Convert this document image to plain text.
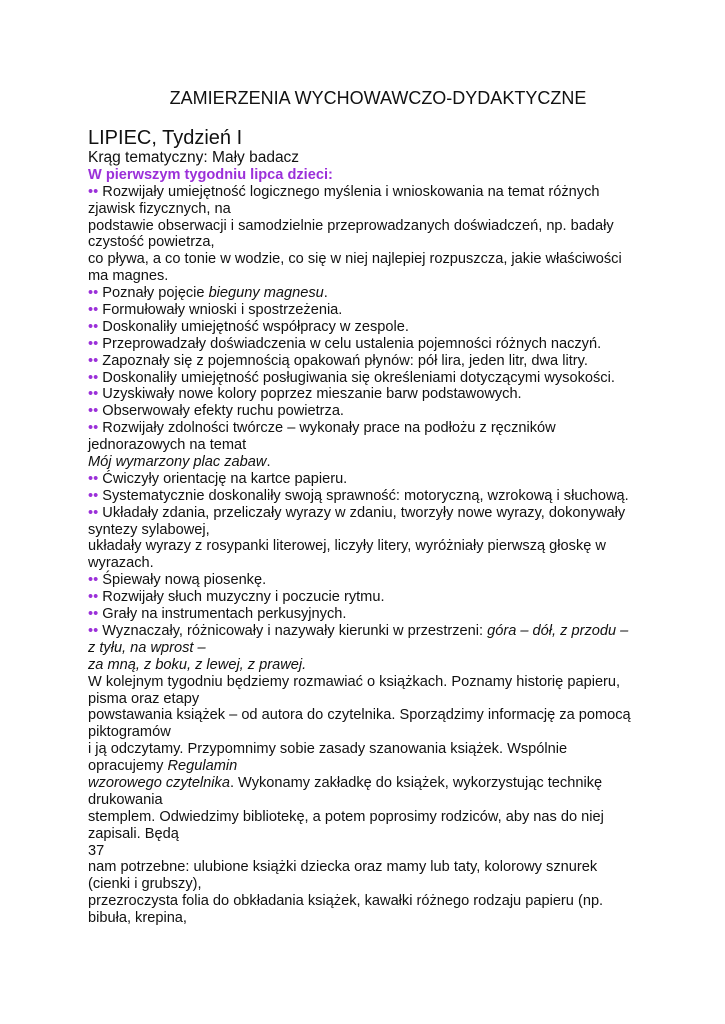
ZAMIERZENIA WYCHOWAWCZO-DYDAKTYCZNE
LIPIEC, Tydzień I
Krąg tematyczny: Mały badacz
W pierwszym tygodniu lipca dzieci:
•• Rozwijały umiejętność logicznego myślenia i wnioskowania na temat różnych
zjawisk fizycznych, na
podstawie obserwacji i samodzielnie przeprowadzanych doświadczeń, np. badały
czystość powietrza,
co pływa, a co tonie w wodzie, co się w niej najlepiej rozpuszcza, jakie właściwości
ma magnes.
•• Poznały pojęcie bieguny magnesu.
•• Formułowały wnioski i spostrzeżenia.
•• Doskonaliły umiejętność współpracy w zespole.
•• Przeprowadzały doświadczenia w celu ustalenia pojemności różnych naczyń.
•• Zapoznały się z pojemnością opakowań płynów: pół lira, jeden litr, dwa litry.
•• Doskonaliły umiejętność posługiwania się określeniami dotyczącymi wysokości.
•• Uzyskiwały nowe kolory poprzez mieszanie barw podstawowych.
•• Obserwowały efekty ruchu powietrza.
•• Rozwijały zdolności twórcze – wykonały prace na podłożu z ręczników
jednorazowych na temat
Mój wymarzony plac zabaw.
•• Ćwiczyły orientację na kartce papieru.
•• Systematycznie doskonaliły swoją sprawność: motoryczną, wzrokową i słuchową.
•• Układały zdania, przeliczały wyrazy w zdaniu, tworzyły nowe wyrazy, dokonywały
syntezy sylabowej,
układały wyrazy z rosypanki literowej, liczyły litery, wyróżniały pierwszą głoskę w
wyrazach.
•• Śpiewały nową piosenkę.
•• Rozwijały słuch muzyczny i poczucie rytmu.
•• Grały na instrumentach perkusyjnych.
•• Wyznaczały, różnicowały i nazywały kierunki w przestrzeni: góra – dół, z przodu –
z tyłu, na wprost –
za mną, z boku, z lewej, z prawej.
W kolejnym tygodniu będziemy rozmawiać o książkach. Poznamy historię papieru,
pisma oraz etapy
powstawania książek – od autora do czytelnika. Sporządzimy informację za pomocą
piktogramów
i ją odczytamy. Przypomnimy sobie zasady szanowania książek. Wspólnie
opracujemy Regulamin
wzorowego czytelnika. Wykonamy zakładkę do książek, wykorzystując technikę
drukowania
stemplem. Odwiedzimy bibliotekę, a potem poprosimy rodziców, aby nas do niej
zapisali. Będą
37
nam potrzebne: ulubione książki dziecka oraz mamy lub taty, kolorowy sznurek
(cienki i grubszy),
przezroczysta folia do obkładania książek, kawałki różnego rodzaju papieru (np.
bibuła, krepina,
